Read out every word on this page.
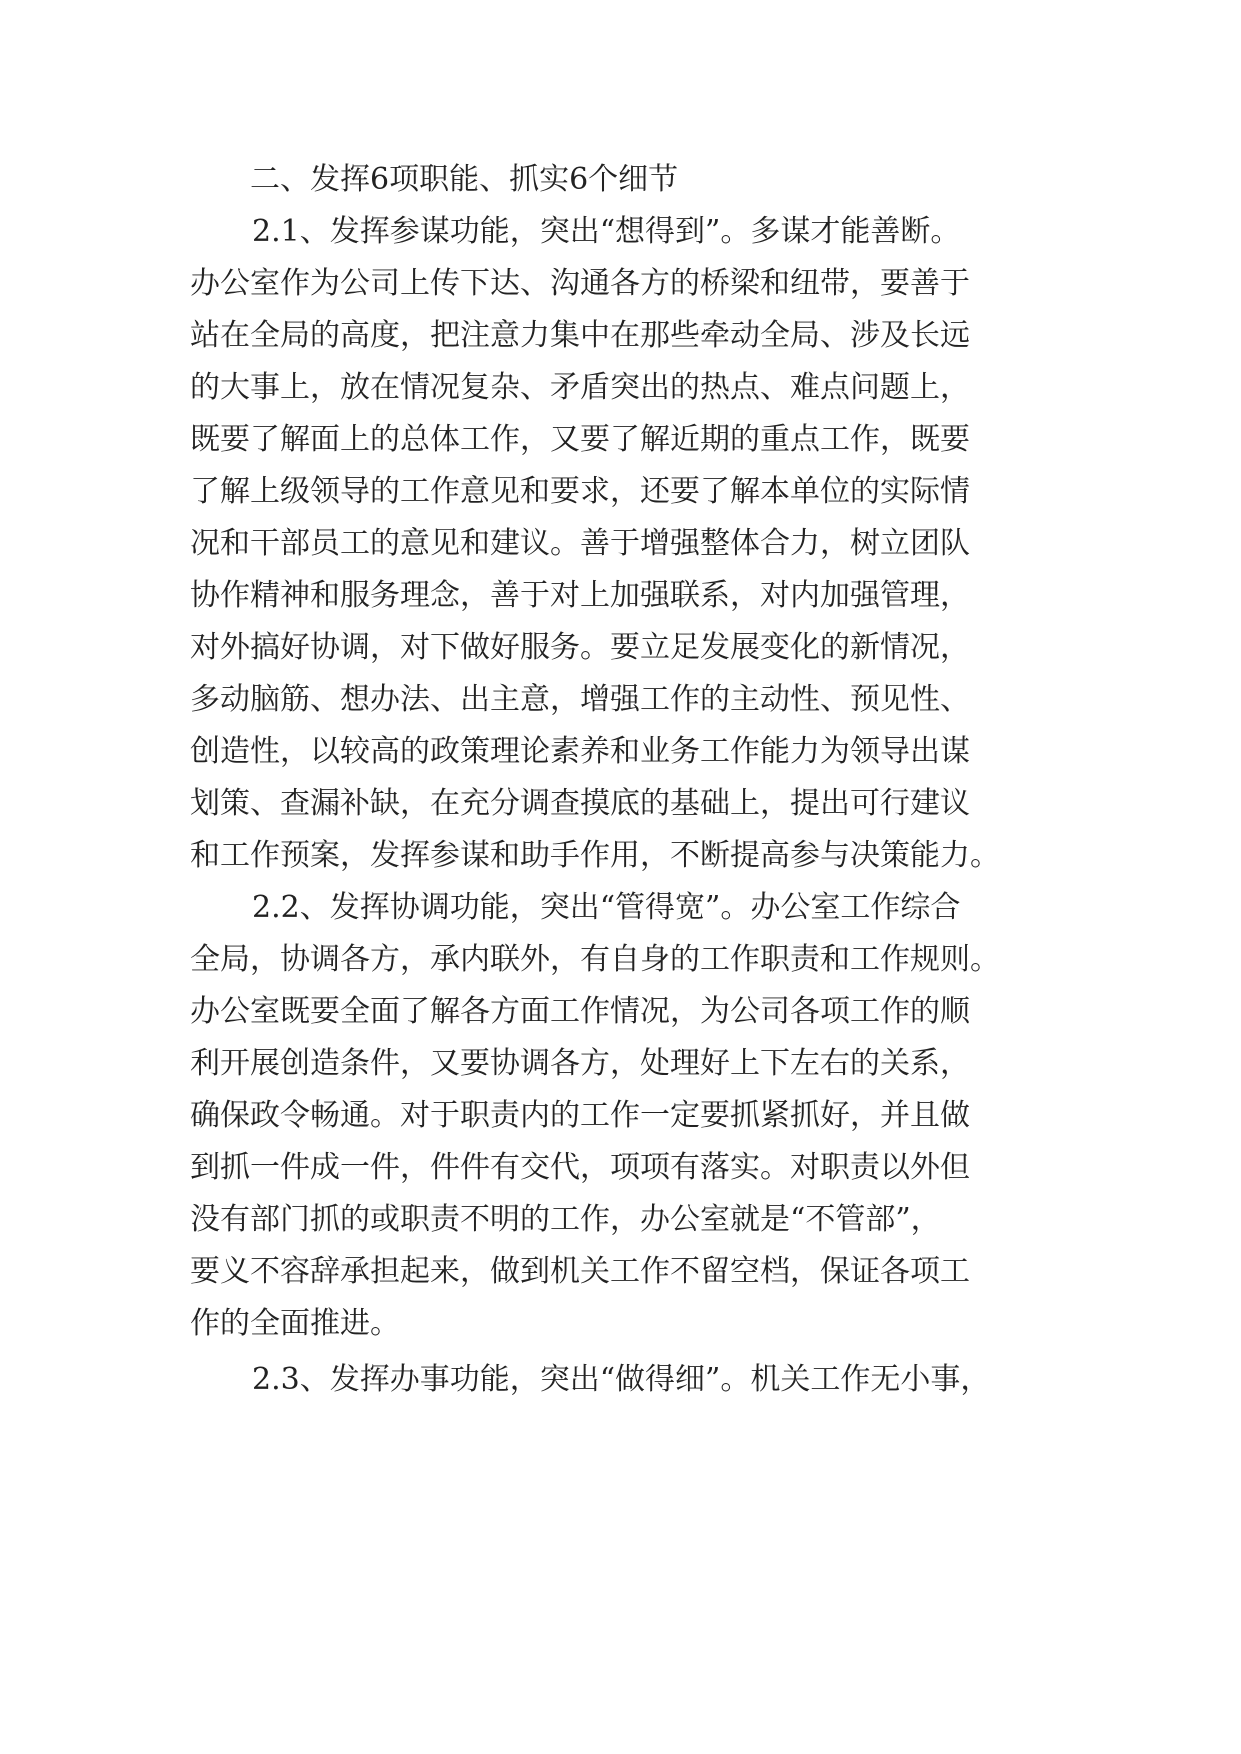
二、发挥6项职能、抓实6个细节
2.1、发挥参谋功能，突出“想得到”。多谋才能善断。
办公室作为公司上传下达、沟通各方的桥梁和纽带，要善于
站在全局的高度，把注意力集中在那些牵动全局、涉及长远
的大事上，放在情况复杂、矛盾突出的热点、难点问题上，
既要了解面上的总体工作，又要了解近期的重点工作，既要
了解上级领导的工作意见和要求，还要了解本单位的实际情
况和干部员工的意见和建议。善于增强整体合力，树立团队
协作精神和服务理念，善于对上加强联系，对内加强管理，
对外搞好协调，对下做好服务。要立足发展变化的新情况，
多动脑筋、想办法、出主意，增强工作的主动性、预见性、
创造性，以较高的政策理论素养和业务工作能力为领导出谋
划策、查漏补缺，在充分调查摸底的基础上，提出可行建议
和工作预案，发挥参谋和助手作用，不断提高参与决策能力。
2.2、发挥协调功能，突出“管得宽”。办公室工作综合
全局，协调各方，承内联外，有自身的工作职责和工作规则。
办公室既要全面了解各方面工作情况，为公司各项工作的顺
利开展创造条件，又要协调各方，处理好上下左右的关系，
确保政令畅通。对于职责内的工作一定要抓紧抓好，并且做
到抓一件成一件，件件有交代，项项有落实。对职责以外但
没有部门抓的或职责不明的工作，办公室就是“不管部”，
要义不容辞承担起来，做到机关工作不留空档，保证各项工
作的全面推进。
2.3、发挥办事功能，突出“做得细”。机关工作无小事，
